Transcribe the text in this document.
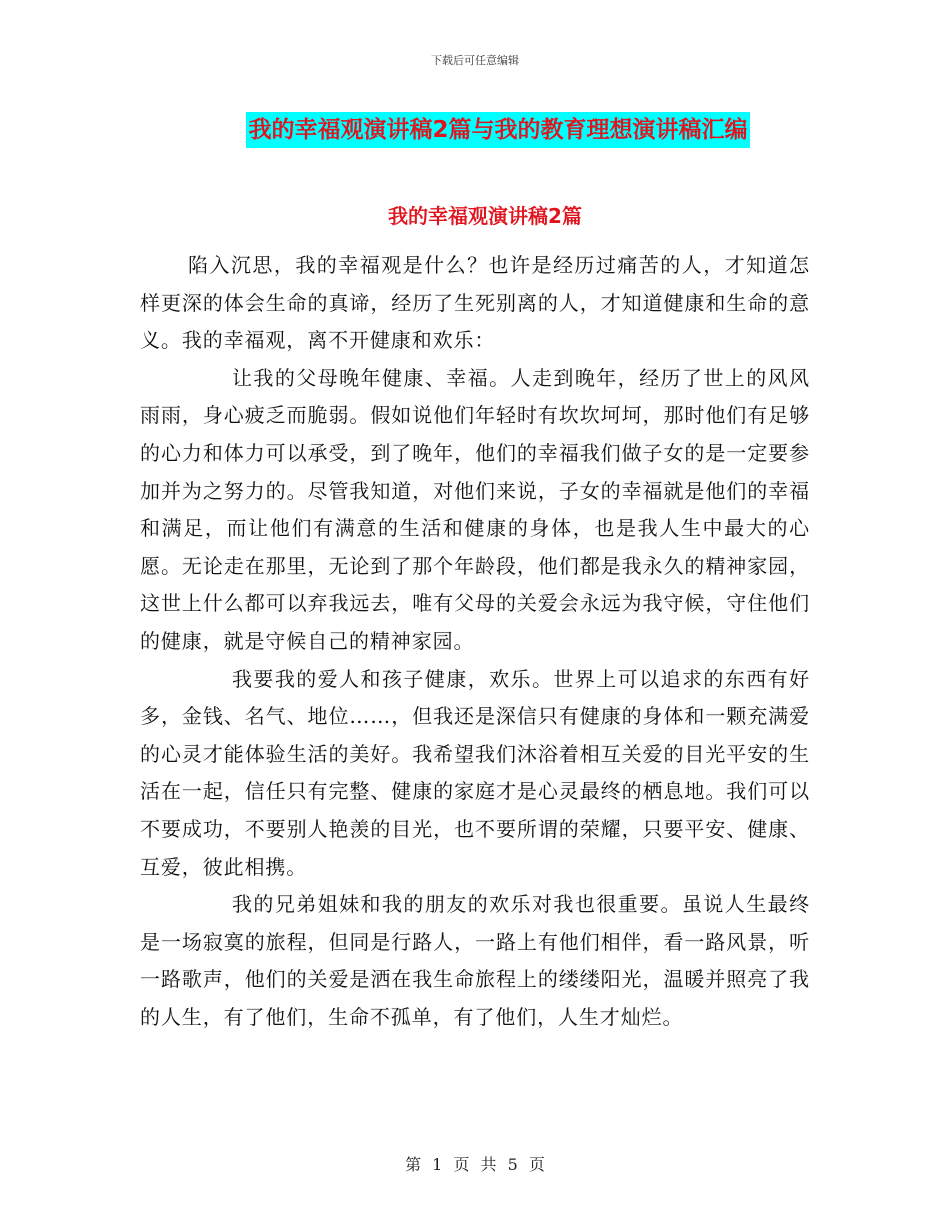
下载后可任意编辑
我的幸福观演讲稿2篇与我的教育理想演讲稿汇编
我的幸福观演讲稿2篇

陷入沉思，我的幸福观是什么？也许是经历过痛苦的人，才知道怎样更深的体会生命的真谛，经历了生死别离的人，才知道健康和生命的意义。我的幸福观，离不开健康和欢乐：

让我的父母晚年健康、幸福。人走到晚年，经历了世上的风风雨雨，身心疲乏而脆弱。假如说他们年轻时有坎坎坷坷，那时他们有足够的心力和体力可以承受，到了晚年，他们的幸福我们做子女的是一定要参加并为之努力的。尽管我知道，对他们来说，子女的幸福就是他们的幸福和满足，而让他们有满意的生活和健康的身体，也是我人生中最大的心愿。无论走在那里，无论到了那个年龄段，他们都是我永久的精神家园，这世上什么都可以弃我远去，唯有父母的关爱会永远为我守候，守住他们的健康，就是守候自己的精神家园。

我要我的爱人和孩子健康，欢乐。世界上可以追求的东西有好多，金钱、名气、地位……，但我还是深信只有健康的身体和一颗充满爱的心灵才能体验生活的美好。我希望我们沐浴着相互关爱的目光平安的生活在一起，信任只有完整、健康的家庭才是心灵最终的栖息地。我们可以不要成功，不要别人艳羡的目光，也不要所谓的荣耀，只要平安、健康、互爱，彼此相携。

我的兄弟姐妹和我的朋友的欢乐对我也很重要。虽说人生最终是一场寂寞的旅程，但同是行路人，一路上有他们相伴，看一路风景，听一路歌声，他们的关爱是洒在我生命旅程上的缕缕阳光，温暖并照亮了我的人生，有了他们，生命不孤单，有了他们，人生才灿烂。

第 1 页 共 5 页
